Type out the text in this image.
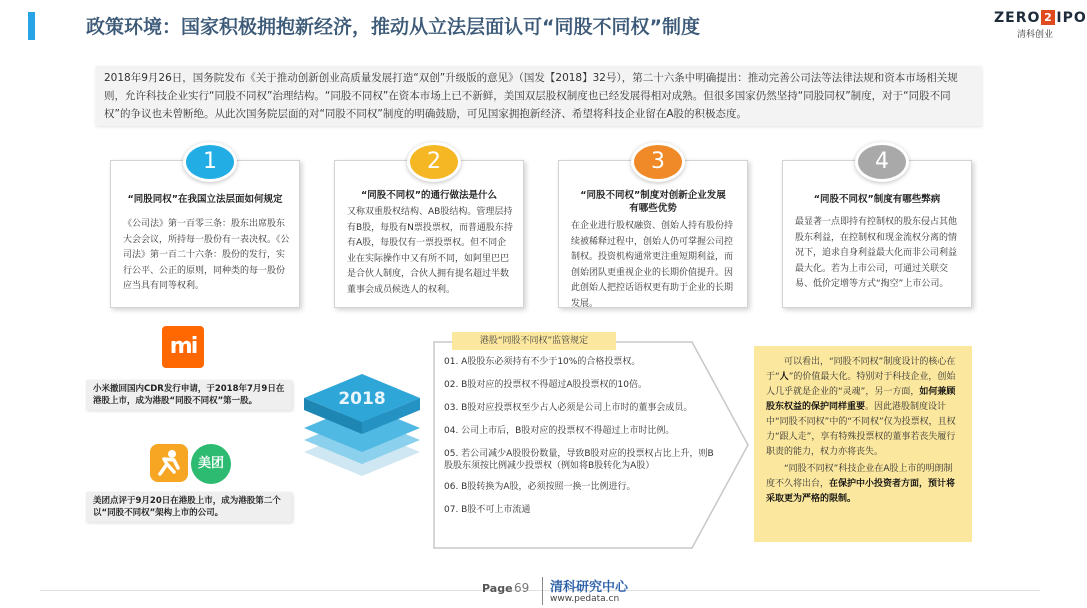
政策环境：国家积极拥抱新经济，推动从立法层面认可“同股不同权”制度	ZERO 2 IPO
清科创业
2018年9月26日，国务院发布《关于推动创新创业高质量发展打造“双创”升级版的意见》（国发【2018】32号），第二十六条中明确提出：推动完善公司法等法律法规和资本市场相关规则，允许科技企业实行“同股不同权”治理结构。“同股不同权”在资本市场上已不新鲜，美国双层股权制度也已经发展得相对成熟。但很多国家仍然坚持“同股同权”制度，对于“同股不同权”的争议也未曾断绝。从此次国务院层面的对“同股不同权”制度的明确鼓励，可见国家拥抱新经济、希望将科技企业留在A股的积极态度。
1
“同股同权”在我国立法层面如何规定
《公司法》第一百零三条：股东出席股东大会会议，所持每一股份有一表决权。《公司法》第一百二十六条：股份的发行，实行公平、公正的原则，同种类的每一股份应当具有同等权利。
2
“同股不同权”的通行做法是什么
又称双重股权结构、AB股结构。管理层持有B股，每股有N票投票权，而普通股东持有A股，每股仅有一票投票权。但不同企业在实际操作中又有所不同，如阿里巴巴是合伙人制度，合伙人拥有提名超过半数董事会成员候选人的权利。
3
“同股不同权”制度对创新企业发展有哪些优势
在企业进行股权融资、创始人持有股份持续被稀释过程中，创始人仍可掌握公司控制权。投资机构通常更注重短期利益，而创始团队更重视企业的长期价值提升。因此创始人把控话语权更有助于企业的长期发展。
4
“同股不同权”制度有哪些弊病
最显著一点即持有控制权的股东侵占其他股东利益，在控制权和现金流权分离的情况下，追求自身利益最大化而非公司利益最大化。若为上市公司，可通过关联交易、低价定增等方式“掏空”上市公司。
mi
小米撤回国内CDR发行申请，于2018年7月9日在港股上市，成为港股“同股不同权”第一股。
美团
美团点评于9月20日在港股上市，成为港股第二个以“同股不同权”架构上市的公司。
2018
港股“同股不同权”监管规定
01. A股股东必须持有不少于10%的合格投票权。
02. B股对应的投票权不得超过A股投票权的10倍。
03. B股对应投票权至少占人必须是公司上市时的董事会成员。
04. 公司上市后，B股对应的投票权不得超过上市时比例。
05. 若公司减少A股股份数量，导致B股对应的投票权占比上升，则B股股东须按比例减少投票权（例如将B股转化为A股）
06. B股转换为A股，必须按照一换一比例进行。
07. B股不可上市流通

可以看出，“同股不同权”制度设计的核心在于“人”的价值最大化。特别对于科技企业，创始人几乎就是企业的“灵魂”，另一方面，如何兼顾股东权益的保护同样重要。因此港股制度设计中“同股不同权”中的“不同权”仅为投票权，且权力“跟人走”，享有特殊投票权的董事若丧失履行职责的能力，权力亦将丧失。

“同股不同权”科技企业在A股上市的明朗制度不久将出台，在保护中小投资者方面，预计将采取更为严格的限制。

Page 69 清科研究中心
www.pedata.cn
